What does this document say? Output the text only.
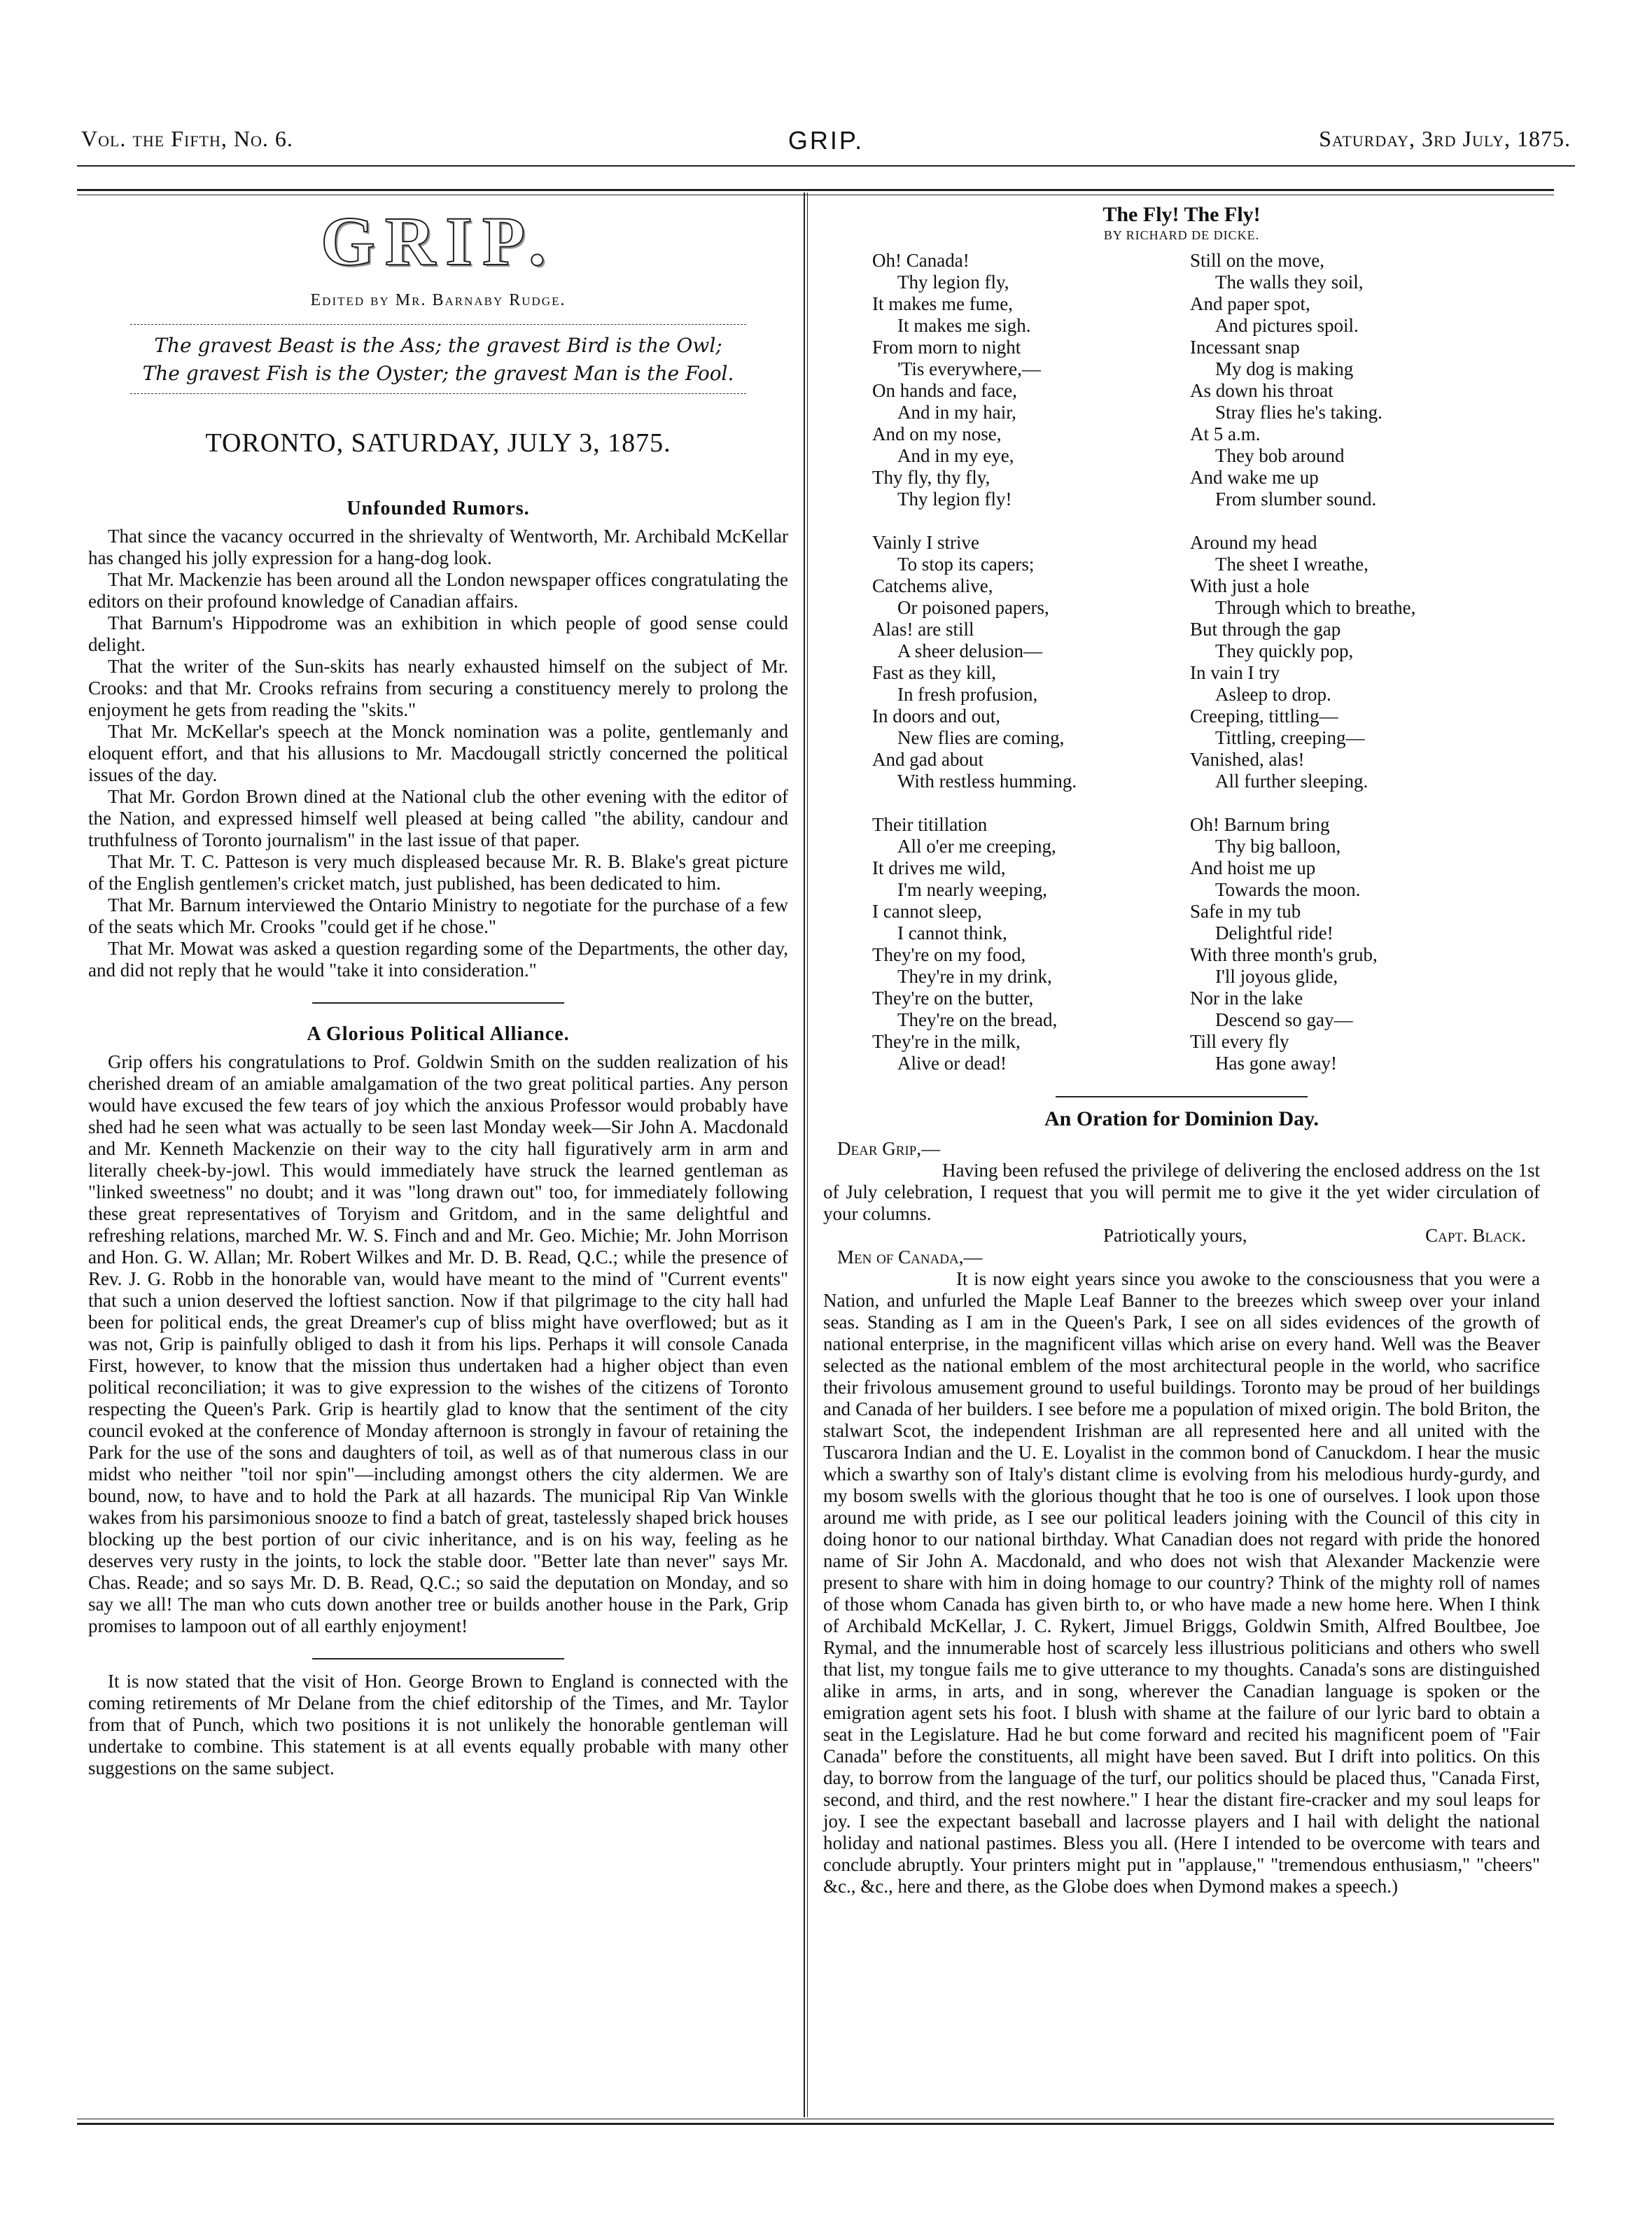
Vol. the Fifth, No. 6.	GRIP.	Saturday, 3rd July, 1875.
GRIP.
Edited by Mr. Barnaby Rudge.
The gravest Beast is the Ass; the gravest Bird is the Owl;
The gravest Fish is the Oyster; the gravest Man is the Fool.
TORONTO, SATURDAY, JULY 3, 1875.
Unfounded Rumors.

That since the vacancy occurred in the shrievalty of Wentworth, Mr. Archibald McKellar has changed his jolly expression for a hang-dog look.

That Mr. Mackenzie has been around all the London newspaper offices congratulating the editors on their profound knowledge of Canadian affairs.

That Barnum's Hippodrome was an exhibition in which people of good sense could delight.

That the writer of the Sun-skits has nearly exhausted himself on the subject of Mr. Crooks: and that Mr. Crooks refrains from securing a constituency merely to prolong the enjoyment he gets from reading the "skits."

That Mr. McKellar's speech at the Monck nomination was a polite, gentlemanly and eloquent effort, and that his allusions to Mr. Macdougall strictly concerned the political issues of the day.

That Mr. Gordon Brown dined at the National club the other evening with the editor of the Nation, and expressed himself well pleased at being called "the ability, candour and truthfulness of Toronto journalism" in the last issue of that paper.

That Mr. T. C. Patteson is very much displeased because Mr. R. B. Blake's great picture of the English gentlemen's cricket match, just published, has been dedicated to him.

That Mr. Barnum interviewed the Ontario Ministry to negotiate for the purchase of a few of the seats which Mr. Crooks "could get if he chose."

That Mr. Mowat was asked a question regarding some of the Departments, the other day, and did not reply that he would "take it into consideration."

A Glorious Political Alliance.

Grip offers his congratulations to Prof. Goldwin Smith on the sudden realization of his cherished dream of an amiable amalgamation of the two great political parties. Any person would have excused the few tears of joy which the anxious Professor would probably have shed had he seen what was actually to be seen last Monday week—Sir John A. Macdonald and Mr. Kenneth Mackenzie on their way to the city hall figuratively arm in arm and literally cheek-by-jowl. This would immediately have struck the learned gentleman as "linked sweetness" no doubt; and it was "long drawn out" too, for immediately following these great representatives of Toryism and Gritdom, and in the same delightful and refreshing relations, marched Mr. W. S. Finch and and Mr. Geo. Michie; Mr. John Morrison and Hon. G. W. Allan; Mr. Robert Wilkes and Mr. D. B. Read, Q.C.; while the presence of Rev. J. G. Robb in the honorable van, would have meant to the mind of "Current events" that such a union deserved the loftiest sanction. Now if that pilgrimage to the city hall had been for political ends, the great Dreamer's cup of bliss might have overflowed; but as it was not, Grip is painfully obliged to dash it from his lips. Perhaps it will console Canada First, however, to know that the mission thus undertaken had a higher object than even political reconciliation; it was to give expression to the wishes of the citizens of Toronto respecting the Queen's Park. Grip is heartily glad to know that the sentiment of the city council evoked at the conference of Monday afternoon is strongly in favour of retaining the Park for the use of the sons and daughters of toil, as well as of that numerous class in our midst who neither "toil nor spin"—including amongst others the city aldermen. We are bound, now, to have and to hold the Park at all hazards. The municipal Rip Van Winkle wakes from his parsimonious snooze to find a batch of great, tastelessly shaped brick houses blocking up the best portion of our civic inheritance, and is on his way, feeling as he deserves very rusty in the joints, to lock the stable door. "Better late than never" says Mr. Chas. Reade; and so says Mr. D. B. Read, Q.C.; so said the deputation on Monday, and so say we all! The man who cuts down another tree or builds another house in the Park, Grip promises to lampoon out of all earthly enjoyment!

It is now stated that the visit of Hon. George Brown to England is connected with the coming retirements of Mr Delane from the chief editorship of the Times, and Mr. Taylor from that of Punch, which two positions it is not unlikely the honorable gentleman will undertake to combine. This statement is at all events equally probable with many other suggestions on the same subject.

The Fly! The Fly!
BY RICHARD DE DICKE.
Oh! Canada!
Thy legion fly,
It makes me fume,
It makes me sigh.
From morn to night
'Tis everywhere,—
On hands and face,
And in my hair,
And on my nose,
And in my eye,
Thy fly, thy fly,
Thy legion fly!
Vainly I strive
To stop its capers;
Catchems alive,
Or poisoned papers,
Alas! are still
A sheer delusion—
Fast as they kill,
In fresh profusion,
In doors and out,
New flies are coming,
And gad about
With restless humming.
Their titillation
All o'er me creeping,
It drives me wild,
I'm nearly weeping,
I cannot sleep,
I cannot think,
They're on my food,
They're in my drink,
They're on the butter,
They're on the bread,
They're in the milk,
Alive or dead!
Still on the move,
The walls they soil,
And paper spot,
And pictures spoil.
Incessant snap
My dog is making
As down his throat
Stray flies he's taking.
At 5 a.m.
They bob around
And wake me up
From slumber sound.
Around my head
The sheet I wreathe,
With just a hole
Through which to breathe,
But through the gap
They quickly pop,
In vain I try
Asleep to drop.
Creeping, tittling—
Tittling, creeping—
Vanished, alas!
All further sleeping.
Oh! Barnum bring
Thy big balloon,
And hoist me up
Towards the moon.
Safe in my tub
Delightful ride!
With three month's grub,
I'll joyous glide,
Nor in the lake
Descend so gay—
Till every fly
Has gone away!
An Oration for Dominion Day.

Dear Grip,—

Having been refused the privilege of delivering the enclosed address on the 1st of July celebration, I request that you will permit me to give it the yet wider circulation of your columns.

Patriotically yours,	Capt. Black.

Men of Canada,—

It is now eight years since you awoke to the consciousness that you were a Nation, and unfurled the Maple Leaf Banner to the breezes which sweep over your inland seas. Standing as I am in the Queen's Park, I see on all sides evidences of the growth of national enterprise, in the magnificent villas which arise on every hand. Well was the Beaver selected as the national emblem of the most architectural people in the world, who sacrifice their frivolous amusement ground to useful buildings. Toronto may be proud of her buildings and Canada of her builders. I see before me a population of mixed origin. The bold Briton, the stalwart Scot, the independent Irishman are all represented here and all united with the Tuscarora Indian and the U. E. Loyalist in the common bond of Canuckdom. I hear the music which a swarthy son of Italy's distant clime is evolving from his melodious hurdy-gurdy, and my bosom swells with the glorious thought that he too is one of ourselves. I look upon those around me with pride, as I see our political leaders joining with the Council of this city in doing honor to our national birthday. What Canadian does not regard with pride the honored name of Sir John A. Macdonald, and who does not wish that Alexander Mackenzie were present to share with him in doing homage to our country? Think of the mighty roll of names of those whom Canada has given birth to, or who have made a new home here. When I think of Archibald McKellar, J. C. Rykert, Jimuel Briggs, Goldwin Smith, Alfred Boultbee, Joe Rymal, and the innumerable host of scarcely less illustrious politicians and others who swell that list, my tongue fails me to give utterance to my thoughts. Canada's sons are distinguished alike in arms, in arts, and in song, wherever the Canadian language is spoken or the emigration agent sets his foot. I blush with shame at the failure of our lyric bard to obtain a seat in the Legislature. Had he but come forward and recited his magnificent poem of "Fair Canada" before the constituents, all might have been saved. But I drift into politics. On this day, to borrow from the language of the turf, our politics should be placed thus, "Canada First, second, and third, and the rest nowhere." I hear the distant fire-cracker and my soul leaps for joy. I see the expectant baseball and lacrosse players and I hail with delight the national holiday and national pastimes. Bless you all. (Here I intended to be overcome with tears and conclude abruptly. Your printers might put in "applause," "tremendous enthusiasm," "cheers" &c., &c., here and there, as the Globe does when Dymond makes a speech.)
